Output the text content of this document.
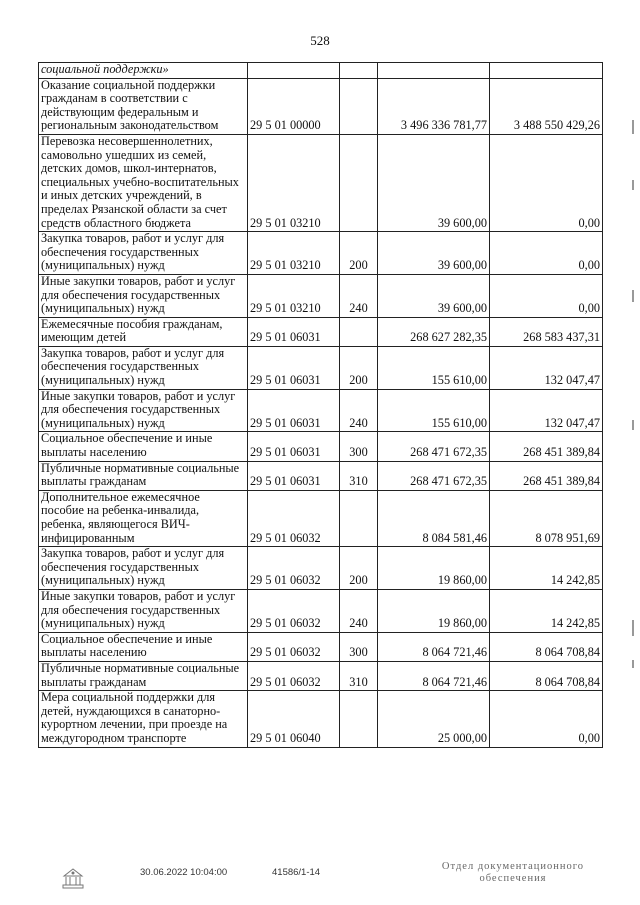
528
социальной поддержки»				
Оказание социальной поддержки гражданам в соответствии с действующим федеральным и региональным законодательством	29 5 01 00000		3 496 336 781,77	3 488 550 429,26
Перевозка несовершеннолетних, самовольно ушедших из семей, детских домов, школ-интернатов, специальных учебно-воспитательных и иных детских учреждений, в пределах Рязанской области за счет средств областного бюджета	29 5 01 03210		39 600,00	0,00
Закупка товаров, работ и услуг для обеспечения государственных (муниципальных) нужд	29 5 01 03210	200	39 600,00	0,00
Иные закупки товаров, работ и услуг для обеспечения государственных (муниципальных) нужд	29 5 01 03210	240	39 600,00	0,00
Ежемесячные пособия гражданам, имеющим детей	29 5 01 06031		268 627 282,35	268 583 437,31
Закупка товаров, работ и услуг для обеспечения государственных (муниципальных) нужд	29 5 01 06031	200	155 610,00	132 047,47
Иные закупки товаров, работ и услуг для обеспечения государственных (муниципальных) нужд	29 5 01 06031	240	155 610,00	132 047,47
Социальное обеспечение и иные выплаты населению	29 5 01 06031	300	268 471 672,35	268 451 389,84
Публичные нормативные социальные выплаты гражданам	29 5 01 06031	310	268 471 672,35	268 451 389,84
Дополнительное ежемесячное пособие на ребенка-инвалида, ребенка, являющегося ВИЧ-инфицированным	29 5 01 06032		8 084 581,46	8 078 951,69
Закупка товаров, работ и услуг для обеспечения государственных (муниципальных) нужд	29 5 01 06032	200	19 860,00	14 242,85
Иные закупки товаров, работ и услуг для обеспечения государственных (муниципальных) нужд	29 5 01 06032	240	19 860,00	14 242,85
Социальное обеспечение и иные выплаты населению	29 5 01 06032	300	8 064 721,46	8 064 708,84
Публичные нормативные социальные выплаты гражданам	29 5 01 06032	310	8 064 721,46	8 064 708,84
Мера социальной поддержки для детей, нуждающихся в санаторно-курортном лечении, при проезде на междугородном транспорте	29 5 01 06040		25 000,00	0,00
30.06.2022 10:04:00	41586/1-14
Отдел документационного
обеспечения
